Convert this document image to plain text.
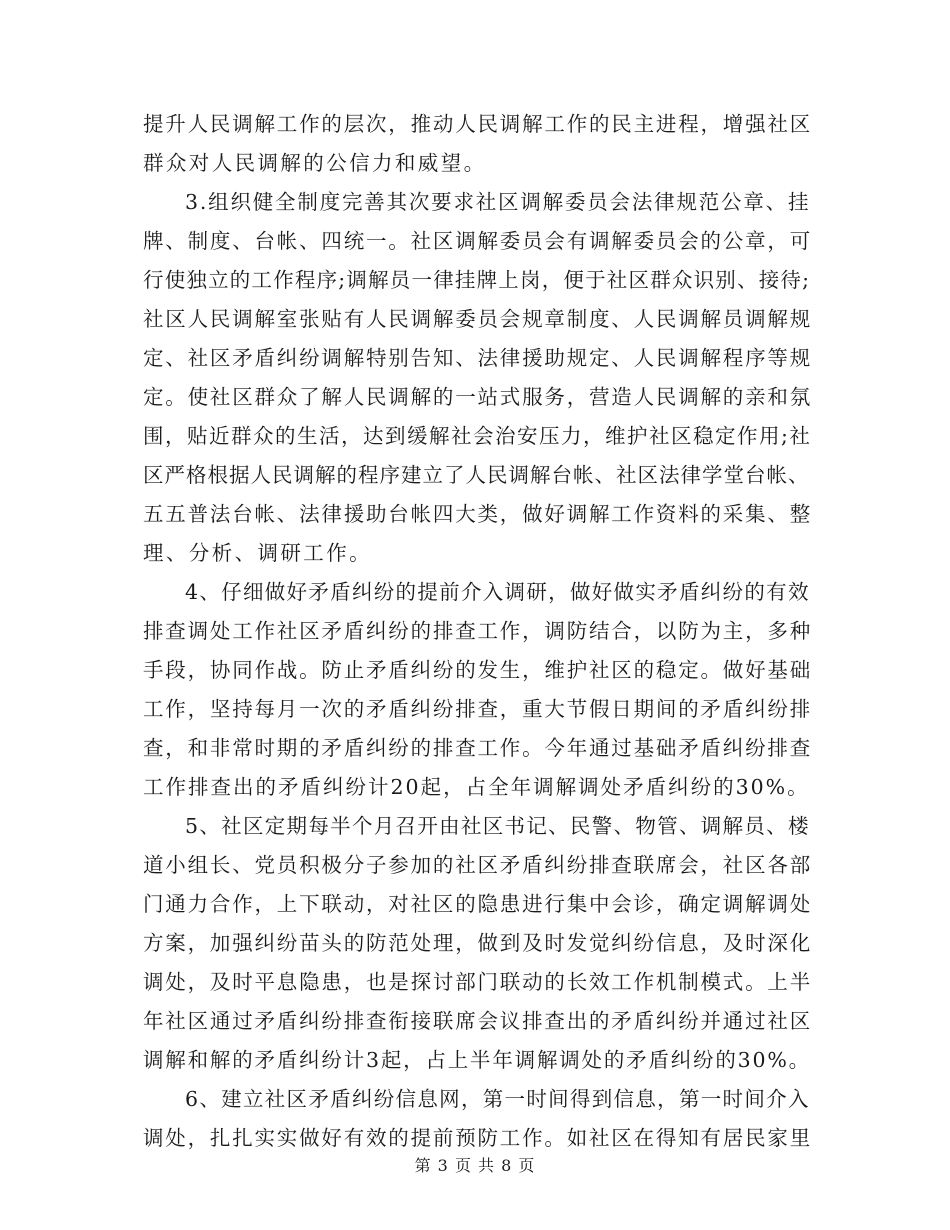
提升人民调解工作的层次，推动人民调解工作的民主进程，增强社区
群众对人民调解的公信力和威望。
3.组织健全制度完善其次要求社区调解委员会法律规范公章、挂
牌、制度、台帐、四统一。社区调解委员会有调解委员会的公章，可
行使独立的工作程序;调解员一律挂牌上岗，便于社区群众识别、接待;
社区人民调解室张贴有人民调解委员会规章制度、人民调解员调解规
定、社区矛盾纠纷调解特别告知、法律援助规定、人民调解程序等规
定。使社区群众了解人民调解的一站式服务，营造人民调解的亲和氛
围，贴近群众的生活，达到缓解社会治安压力，维护社区稳定作用;社
区严格根据人民调解的程序建立了人民调解台帐、社区法律学堂台帐、
五五普法台帐、法律援助台帐四大类，做好调解工作资料的采集、整
理、分析、调研工作。
4、仔细做好矛盾纠纷的提前介入调研，做好做实矛盾纠纷的有效
排查调处工作社区矛盾纠纷的排查工作，调防结合，以防为主，多种
手段，协同作战。防止矛盾纠纷的发生，维护社区的稳定。做好基础
工作，坚持每月一次的矛盾纠纷排查，重大节假日期间的矛盾纠纷排
查，和非常时期的矛盾纠纷的排查工作。今年通过基础矛盾纠纷排查
工作排查出的矛盾纠纷计20起，占全年调解调处矛盾纠纷的30%。
5、社区定期每半个月召开由社区书记、民警、物管、调解员、楼
道小组长、党员积极分子参加的社区矛盾纠纷排查联席会，社区各部
门通力合作，上下联动，对社区的隐患进行集中会诊，确定调解调处
方案，加强纠纷苗头的防范处理，做到及时发觉纠纷信息，及时深化
调处，及时平息隐患，也是探讨部门联动的长效工作机制模式。上半
年社区通过矛盾纠纷排查衔接联席会议排查出的矛盾纠纷并通过社区
调解和解的矛盾纠纷计3起，占上半年调解调处的矛盾纠纷的30%。
6、建立社区矛盾纠纷信息网，第一时间得到信息，第一时间介入
调处，扎扎实实做好有效的提前预防工作。如社区在得知有居民家里
第 3 页 共 8 页
